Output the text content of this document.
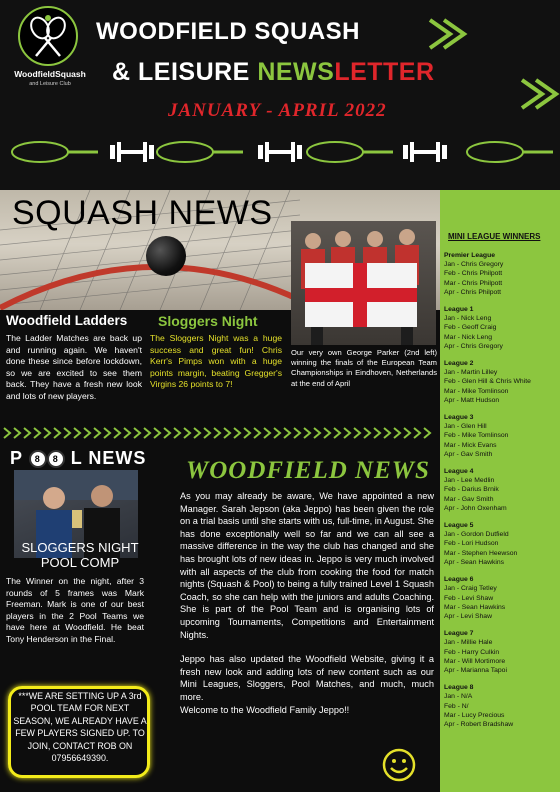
WoodfieldSquash
and Leisure Club
WOODFIELD SQUASH
& LEISURE NEWSLETTER
JANUARY - APRIL 2022
SQUASH NEWS
Our very own George Parker (2nd left) winning the finals of the European Team Championships in Eindhoven, Netherlands at the end of April
Woodfield Ladders
The Ladder Matches are back up and running again. We haven't done these since before lockdown, so we are excited to see them back. They have a fresh new look and lots of new players.
Sloggers Night
The Sloggers Night was a huge success and great fun! Chris Kerr's Pimps won with a huge points margin, beating Gregger's Virgins 26 points to 7!
P 8 8 L NEWS
SLOGGERS NIGHT
POOL COMP
The Winner on the night, after 3 rounds of 5 frames was Mark Freeman. Mark is one of our best players in the 2 Pool Teams we have here at Woodfield. He beat Tony Henderson in the Final.
***WE ARE SETTING UP A 3rd POOL TEAM FOR NEXT SEASON, WE ALREADY HAVE A FEW PLAYERS SIGNED UP. TO JOIN, CONTACT ROB ON 07956649390.
WOODFIELD NEWS

As you may already be aware, We have appointed a new Manager. Sarah Jepson (aka Jeppo) has been given the role on a trial basis until she starts with us, full-time, in August. She has done exceptionally well so far and we can all see a massive difference in the way the club has changed and she has brought lots of new ideas in. Jeppo is very much involved with all aspects of the club from cooking the food for match nights (Squash & Pool) to being a fully trained Level 1 Squash Coach, so she can help with the juniors and adults Coaching. She is part of the Pool Team and is organising lots of upcoming Tournaments, Competitions and Entertainment Nights.

Jeppo has also updated the Woodfield Website, giving it a fresh new look and adding lots of new content such as our Mini Leagues, Sloggers, Pool Matches, and much, much more.

Welcome to the Woodfield Family Jeppo!!
MINI LEAGUE WINNERS
Premier League
Jan - Chris Gregory
Feb - Chris Philpott
Mar - Chris Philpott
Apr - Chris Philpott
League 1
Jan - Nick Leng
Feb - Geoff Craig
Mar - Nick Leng
Apr - Chris Gregory
League 2
Jan - Martin Lilley
Feb - Glen Hill & Chris White
Mar - Mike Tomlinson
Apr - Matt Hudson
League 3
Jan - Glen Hill
Feb - Mike Tomlinson
Mar - Mick Evans
Apr - Gav Smith
League 4
Jan - Lee Medlin
Feb - Darius Brnik
Mar - Gav Smith
Apr - John Oxenham
League 5
Jan - Gordon Dutfield
Feb - Lori Hudson
Mar - Stephen Heewson
Apr - Sean Hawkins
League 6
Jan - Craig Tetley
Feb - Levi Shaw
Mar - Sean Hawkins
Apr - Levi Shaw
League 7
Jan - Millie Hale
Feb - Harry Culkin
Mar - Will Mortimore
Apr - Marianna Tapoi
League 8
Jan - N/A
Feb - N/
Mar - Lucy Precious
Apr - Robert Bradshaw
